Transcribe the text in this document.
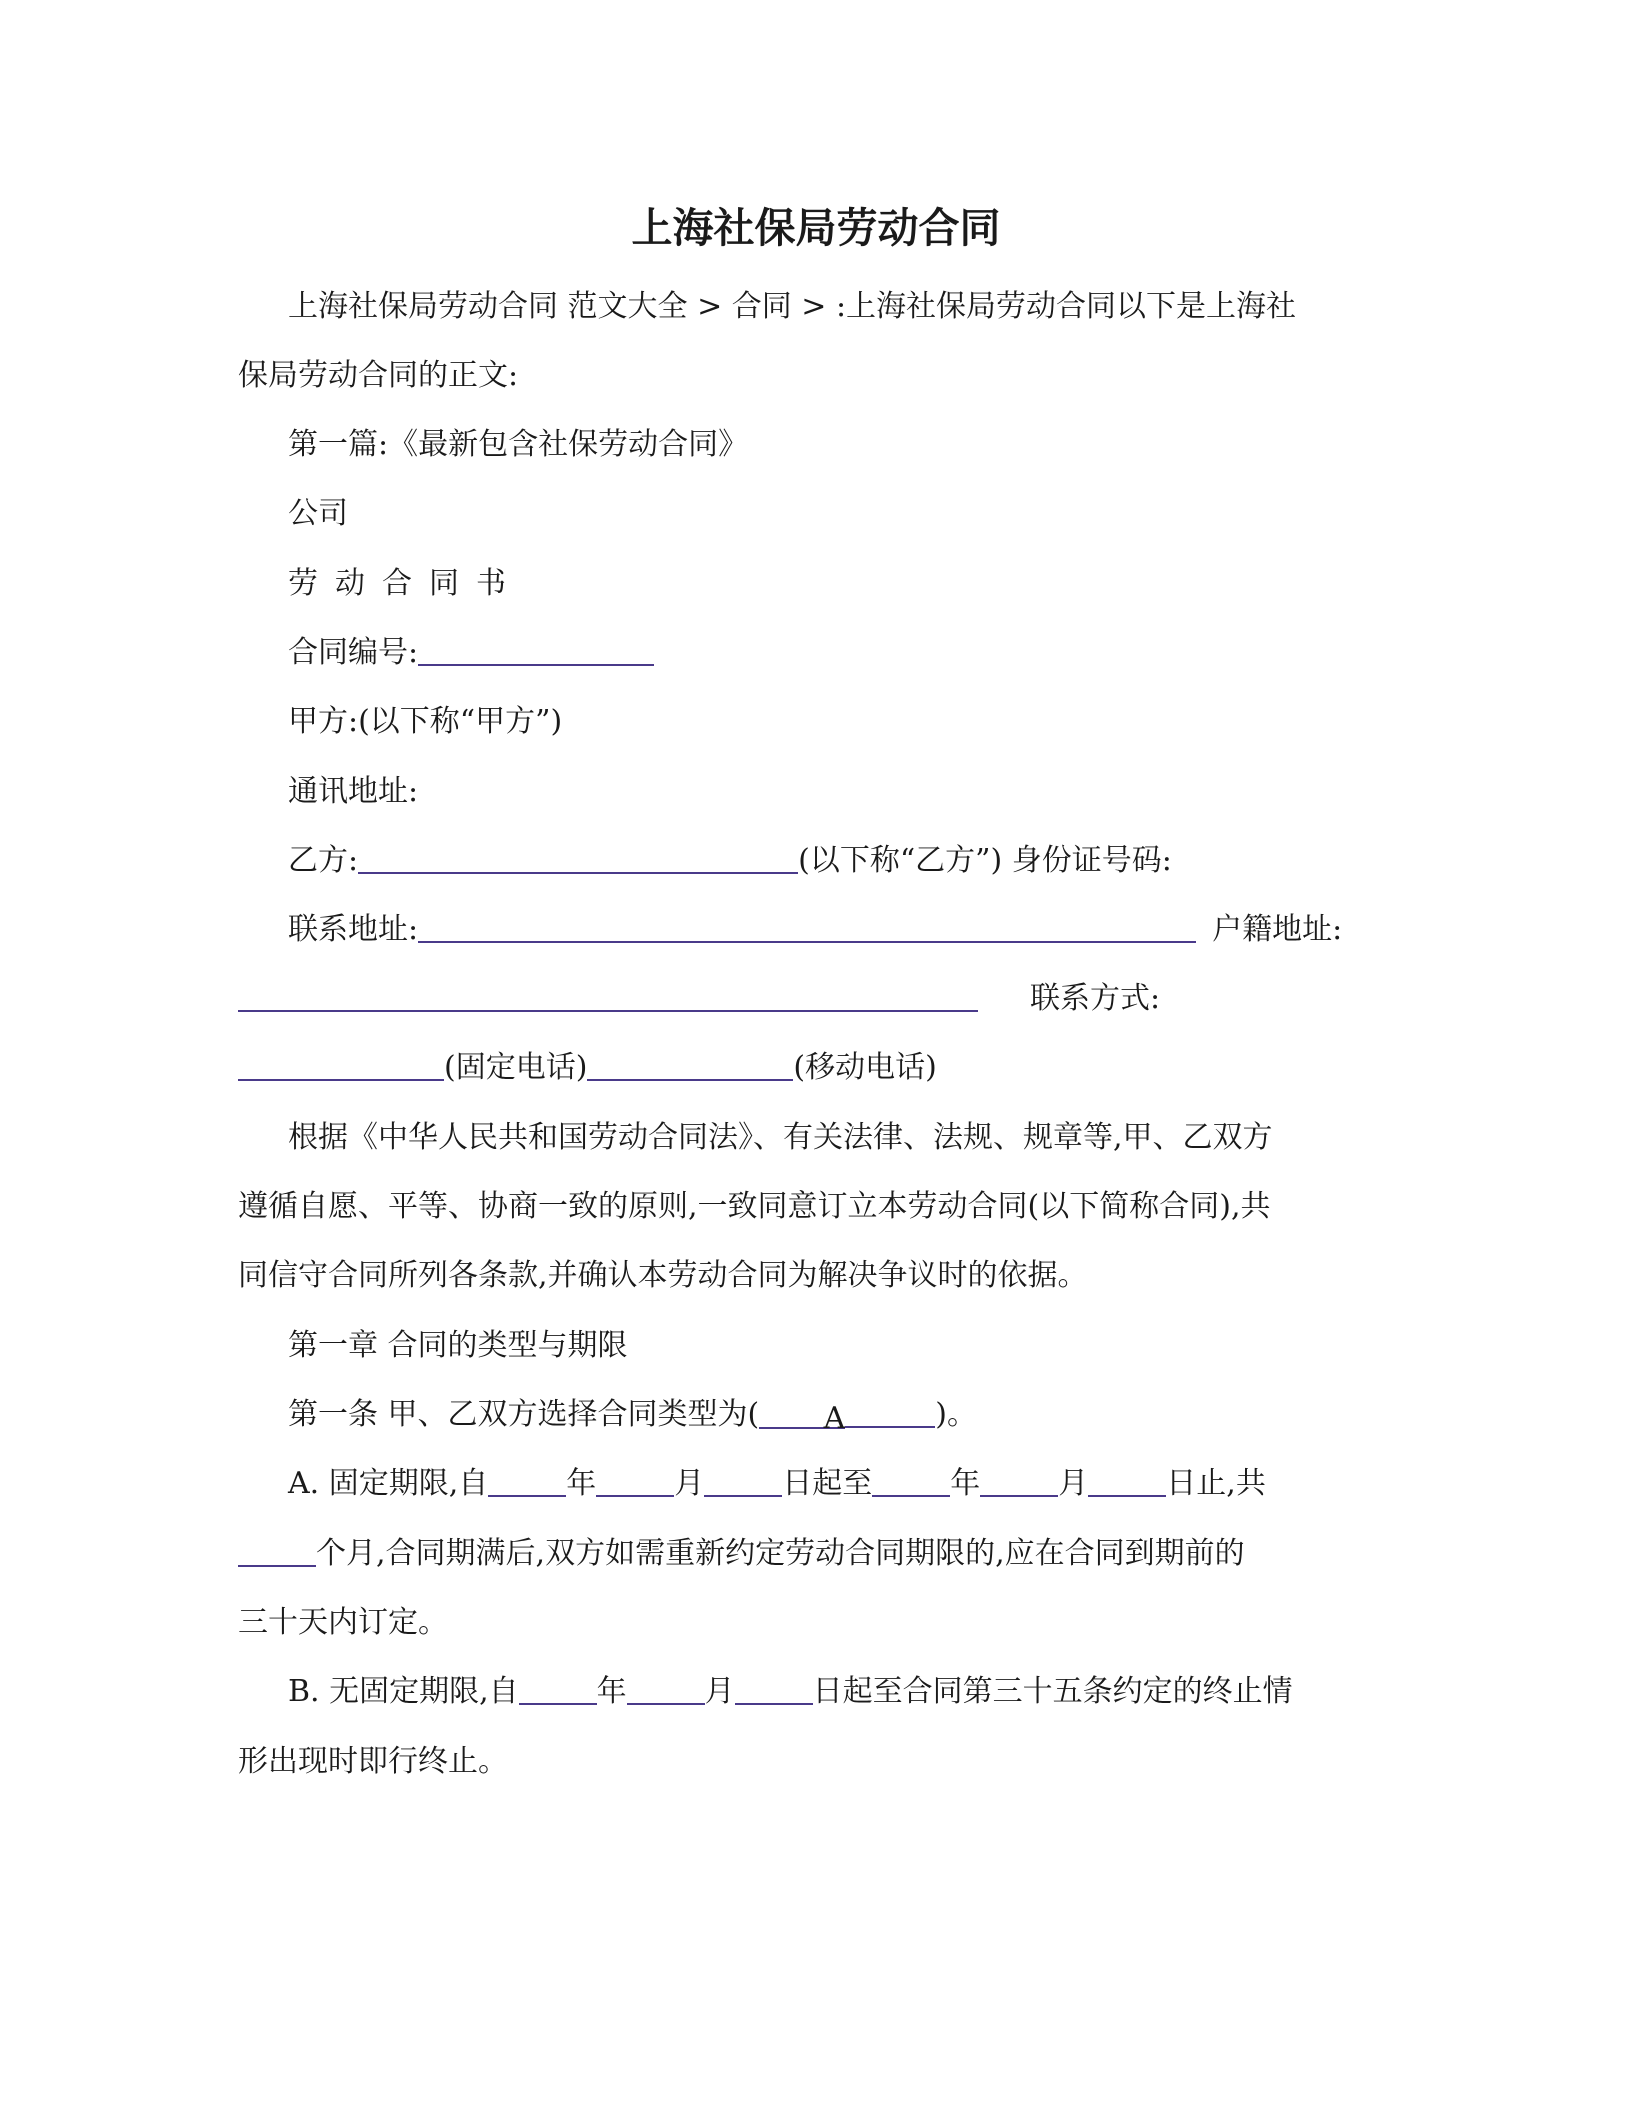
上海社保局劳动合同
上海社保局劳动合同 范文大全 > 合同 > :上海社保局劳动合同以下是上海社
保局劳动合同的正文:
第一篇:《最新包含社保劳动合同》
公司
劳动合同书
合同编号:
甲方:(以下称“甲方”)
通讯地址:
乙方:	(以下称“乙方”) 身份证号码:
联系地址:	户籍地址:
联系方式:
(固定电话)	(移动电话)
根据《中华人民共和国劳动合同法》、有关法律、法规、规章等,甲、乙双方
遵循自愿、平等、协商一致的原则,一致同意订立本劳动合同(以下简称合同),共
同信守合同所列各条款,并确认本劳动合同为解决争议时的依据。
第一章 合同的类型与期限
第一条 甲、乙双方选择合同类型为( A	)。
A. 固定期限,自	年	月	日起至	年	月	日止,共
个月,合同期满后,双方如需重新约定劳动合同期限的,应在合同到期前的
三十天内订定。
B. 无固定期限,自	年	月	日起至合同第三十五条约定的终止情
形出现时即行终止。
